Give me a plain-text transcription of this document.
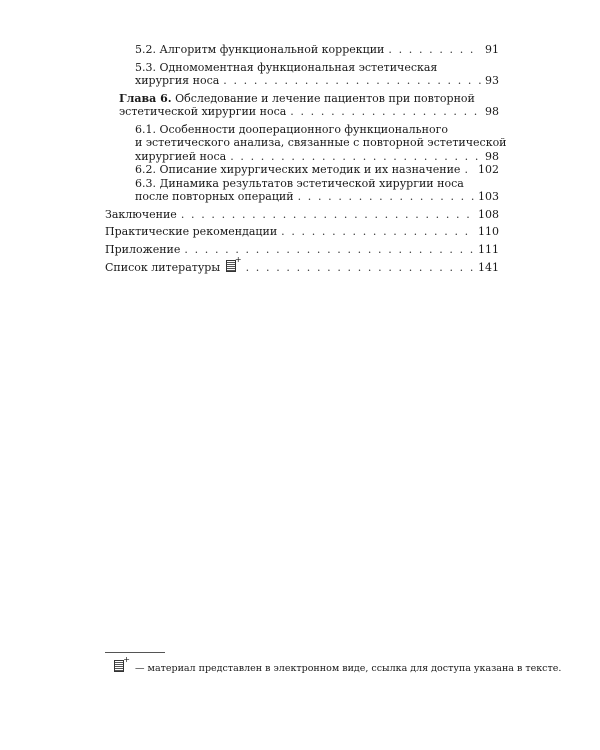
5.2. Алгоритм функциональной коррекции . . .	91
5.3. Одномоментная функциональная эстетическая
хирургия носа . . .	93
Глава 6. Обследование и лечение пациентов при повторной
эстетической хирургии носа . . .	98
6.1. Особенности дооперационного функционального
и эстетического анализа, связанные с повторной эстетической
хирургией носа . . .	98
6.2. Описание хирургических методик и их назначение . . . 102
6.3. Динамика результатов эстетической хирургии носа
после повторных операций . . .	103
Заключение . . .	108
Практические рекомендации . . .	110
Приложение . . .	111
Список литературы + . . .	141
+ — материал представлен в электронном виде, ссылка для доступа указана в тексте.
